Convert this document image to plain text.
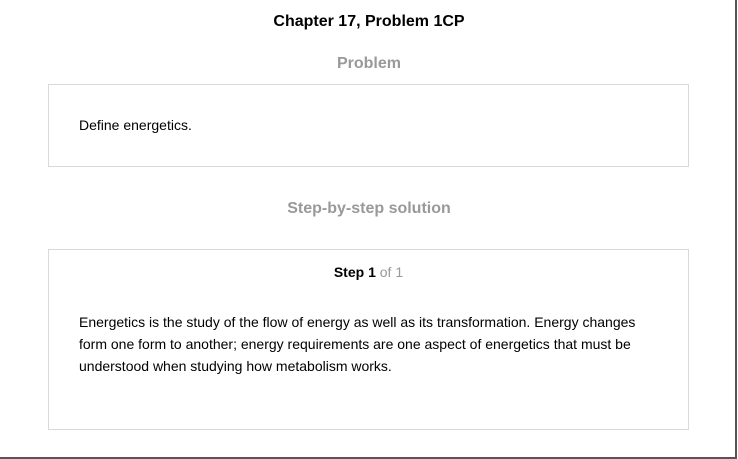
Chapter 17, Problem 1CP
Problem
Define energetics.
Step-by-step solution
Step 1 of 1
Energetics is the study of the flow of energy as well as its transformation. Energy changes form one form to another; energy requirements are one aspect of energetics that must be understood when studying how metabolism works.
